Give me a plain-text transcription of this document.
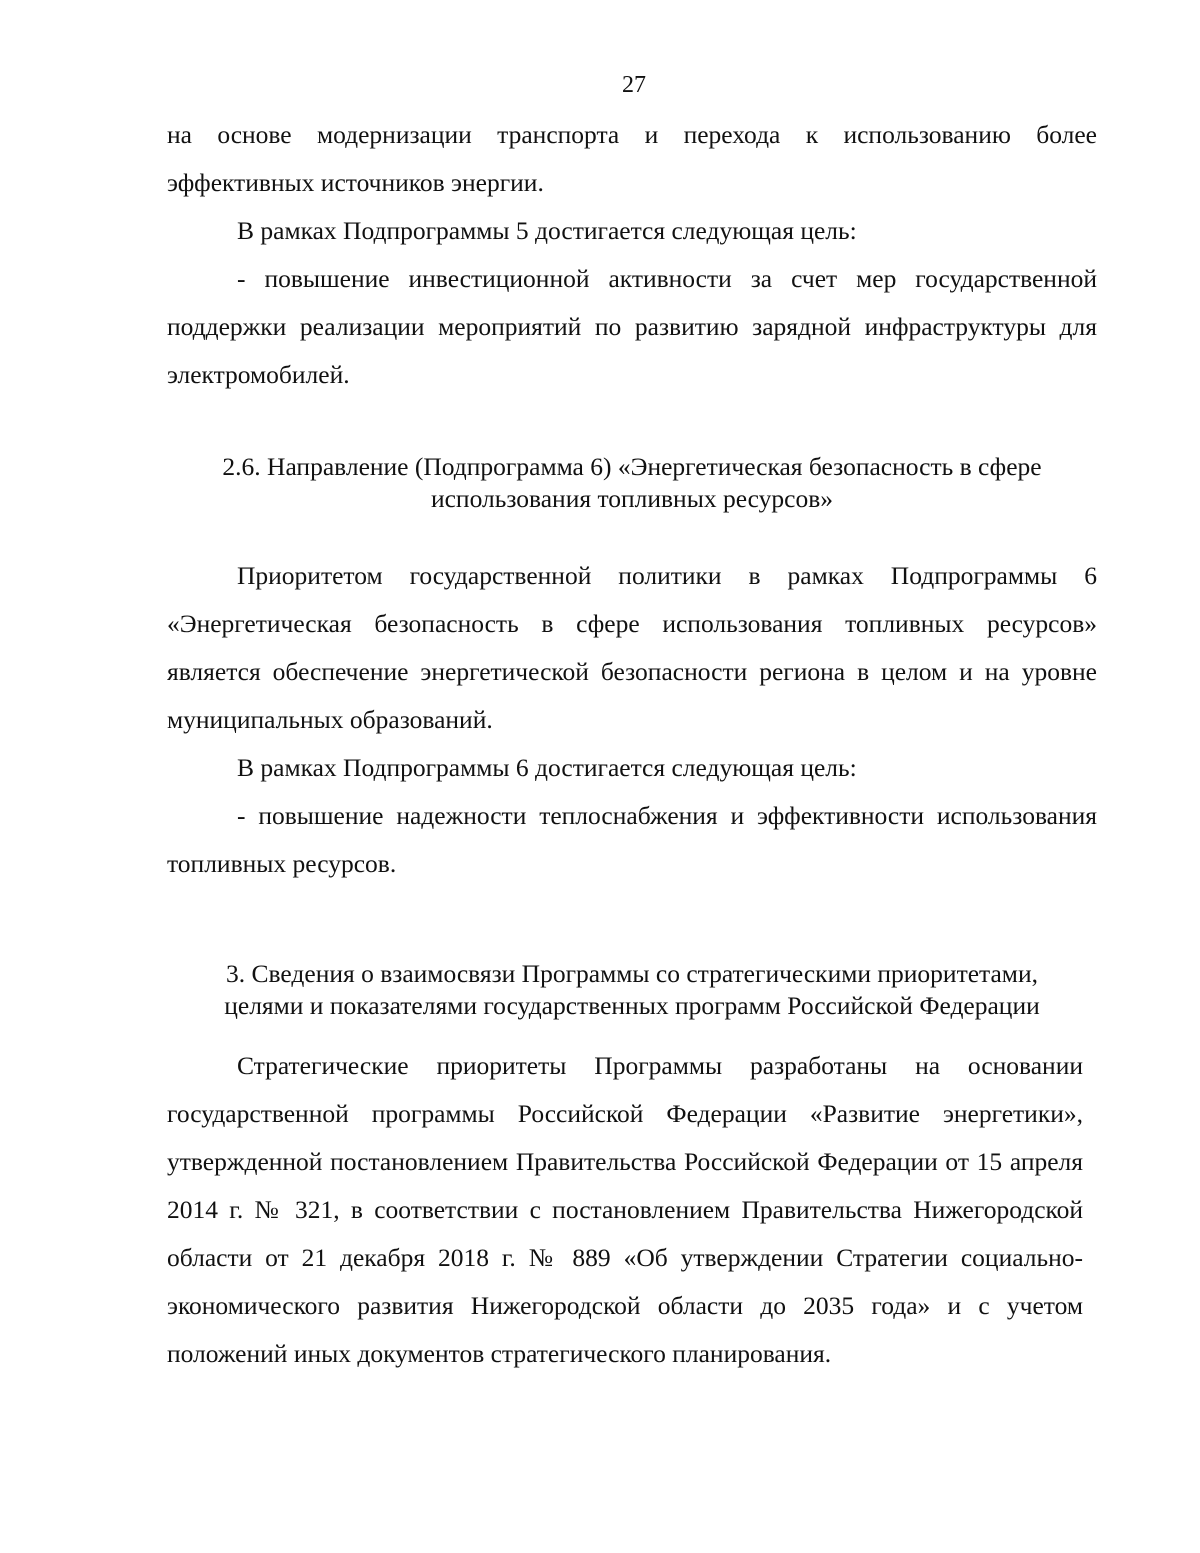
27

на основе модернизации транспорта и перехода к использованию более эффективных источников энергии.

В рамках Подпрограммы 5 достигается следующая цель:

- повышение инвестиционной активности за счет мер государственной поддержки реализации мероприятий по развитию зарядной инфраструктуры для электромобилей.

2.6. Направление (Подпрограмма 6) «Энергетическая безопасность в сфере

использования топливных ресурсов»

Приоритетом государственной политики в рамках Подпрограммы 6 «Энергетическая безопасность в сфере использования топливных ресурсов» является обеспечение энергетической безопасности региона в целом и на уровне муниципальных образований.

В рамках Подпрограммы 6 достигается следующая цель:

- повышение надежности теплоснабжения и эффективности использования топливных ресурсов.

3. Сведения о взаимосвязи Программы со стратегическими приоритетами,

целями и показателями государственных программ Российской Федерации

Стратегические приоритеты Программы разработаны на основании государственной программы Российской Федерации «Развитие энергетики», утвержденной постановлением Правительства Российской Федерации от 15 апреля 2014 г. № 321, в соответствии с постановлением Правительства Нижегородской области от 21 декабря 2018 г. № 889 «Об утверждении Стратегии социально-экономического развития Нижегородской области до 2035 года» и с учетом положений иных документов стратегического планирования.
